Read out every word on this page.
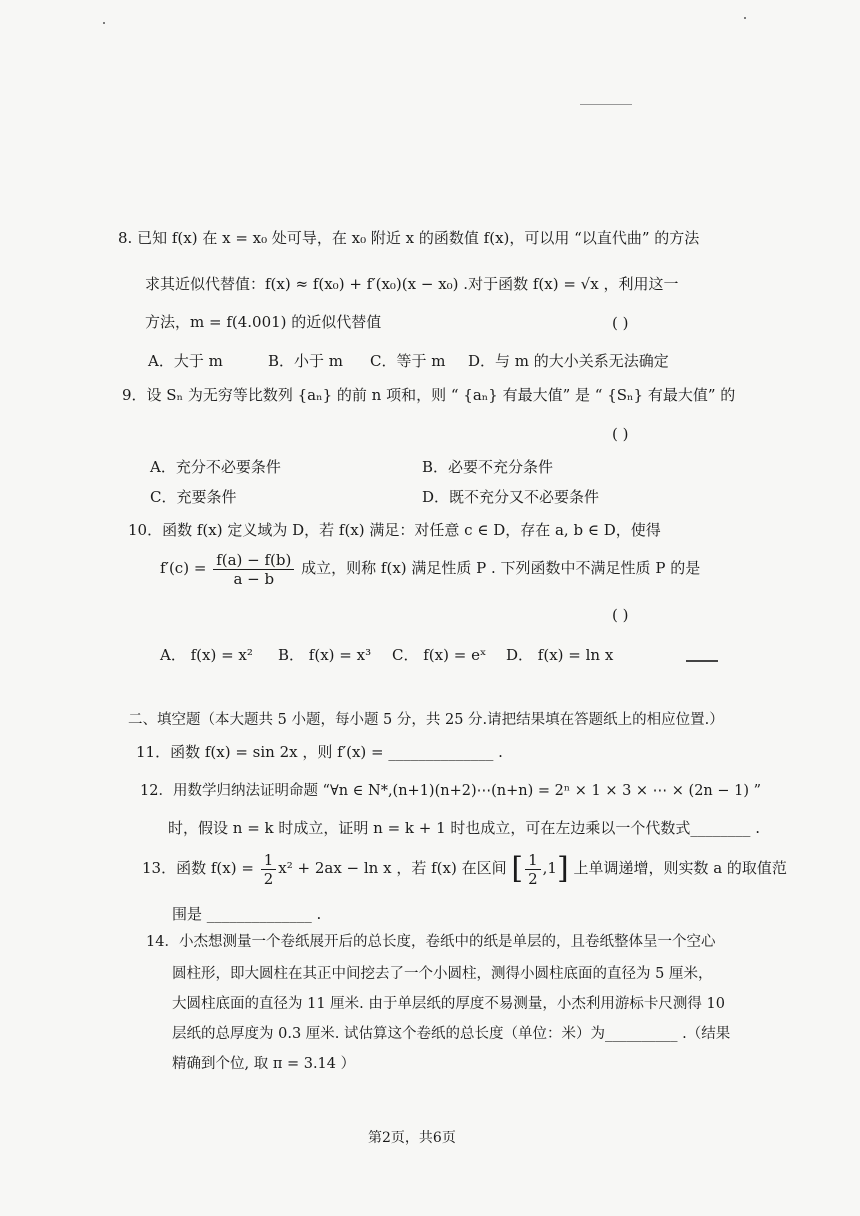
8. 已知 f(x) 在 x = x₀ 处可导，在 x₀ 附近 x 的函数值 f(x)，可以用 “以直代曲” 的方法
求其近似代替值：f(x) ≈ f(x₀) + f′(x₀)(x − x₀) .对于函数 f(x) = √x ，利用这一
方法，m = f(4.001) 的近似代替值	( )
A．大于 m	B．小于 m C．等于 m D．与 m 的大小关系无法确定
9．设 Sₙ 为无穷等比数列 {aₙ} 的前 n 项和，则 “ {aₙ} 有最大值” 是 “ {Sₙ} 有最大值” 的
( )
A．充分不必要条件	B．必要不充分条件
C．充要条件	D．既不充分又不必要条件
10．函数 f(x) 定义域为 D，若 f(x) 满足：对任意 c ∈ D，存在 a, b ∈ D，使得
$f'(c) = \frac{f(a) - f(b)}{a - b}$ 成立，则称 f(x) 满足性质 P . 下列函数中不满足性质 P 的是
( )
A． f(x) = x² B． f(x) = x³ C． f(x) = eˣ D． f(x) = ln x
二、填空题（本大题共 5 小题，每小题 5 分，共 25 分.请把结果填在答题纸上的相应位置.）
11．函数 f(x) = sin 2x ，则 f′(x) = ______________ .
12．用数学归纳法证明命题 “∀n ∈ N*,(n+1)(n+2)⋯(n+n) = 2ⁿ × 1 × 3 × ⋯ × (2n − 1) ”
时，假设 n = k 时成立，证明 n = k + 1 时也成立，可在左边乘以一个代数式________ .
13．函数 $f(x) = \frac{1}{2} x^2 + 2ax - \ln x$ ，若 f(x) 在区间 [ $\frac{1}{2} ,1$] 上单调递增，则实数 a 的取值范
围是 ______________ .
14．小杰想测量一个卷纸展开后的总长度，卷纸中的纸是单层的，且卷纸整体呈一个空心
圆柱形，即大圆柱在其正中间挖去了一个小圆柱，测得小圆柱底面的直径为 5 厘米，
大圆柱底面的直径为 11 厘米. 由于单层纸的厚度不易测量，小杰利用游标卡尺测得 10
层纸的总厚度为 0.3 厘米. 试估算这个卷纸的总长度（单位：米）为__________ .（结果
精确到个位, 取 π = 3.14 ）
第2页，共6页
